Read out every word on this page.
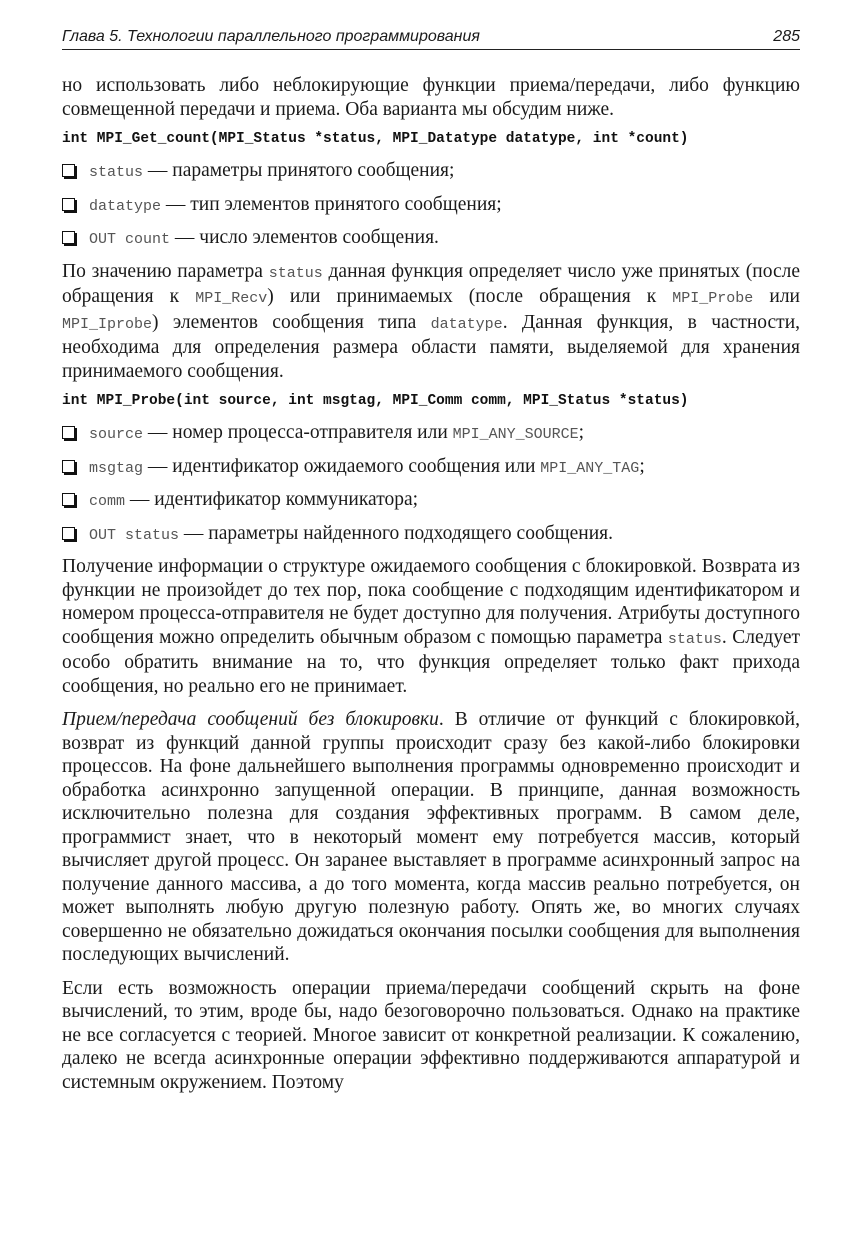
Глава 5. Технологии параллельного программирования	285

но использовать либо неблокирующие функции приема/передачи, либо функцию совмещенной передачи и приема. Оба варианта мы обсудим ниже.

int MPI_Get_count(MPI_Status *status, MPI_Datatype datatype, int *count)
status — параметры принятого сообщения;
datatype — тип элементов принятого сообщения;
OUT count — число элементов сообщения.

По значению параметра status данная функция определяет число уже принятых (после обращения к MPI_Recv) или принимаемых (после обращения к MPI_Probe или MPI_Iprobe) элементов сообщения типа datatype. Данная функция, в частности, необходима для определения размера области памяти, выделяемой для хранения принимаемого сообщения.

int MPI_Probe(int source, int msgtag, MPI_Comm comm, MPI_Status *status)
source — номер процесса-отправителя или MPI_ANY_SOURCE;
msgtag — идентификатор ожидаемого сообщения или MPI_ANY_TAG;
comm — идентификатор коммуникатора;
OUT status — параметры найденного подходящего сообщения.

Получение информации о структуре ожидаемого сообщения с блокировкой. Возврата из функции не произойдет до тех пор, пока сообщение с подходящим идентификатором и номером процесса-отправителя не будет доступно для получения. Атрибуты доступного сообщения можно определить обычным образом с помощью параметра status. Следует особо обратить внимание на то, что функция определяет только факт прихода сообщения, но реально его не принимает.

Прием/передача сообщений без блокировки. В отличие от функций с блокировкой, возврат из функций данной группы происходит сразу без какой-либо блокировки процессов. На фоне дальнейшего выполнения программы одновременно происходит и обработка асинхронно запущенной операции. В принципе, данная возможность исключительно полезна для создания эффективных программ. В самом деле, программист знает, что в некоторый момент ему потребуется массив, который вычисляет другой процесс. Он заранее выставляет в программе асинхронный запрос на получение данного массива, а до того момента, когда массив реально потребуется, он может выполнять любую другую полезную работу. Опять же, во многих случаях совершенно не обязательно дожидаться окончания посылки сообщения для выполнения последующих вычислений.

Если есть возможность операции приема/передачи сообщений скрыть на фоне вычислений, то этим, вроде бы, надо безоговорочно пользоваться. Однако на практике не все согласуется с теорией. Многое зависит от конкретной реализации. К сожалению, далеко не всегда асинхронные операции эффективно поддерживаются аппаратурой и системным окружением. Поэтому
